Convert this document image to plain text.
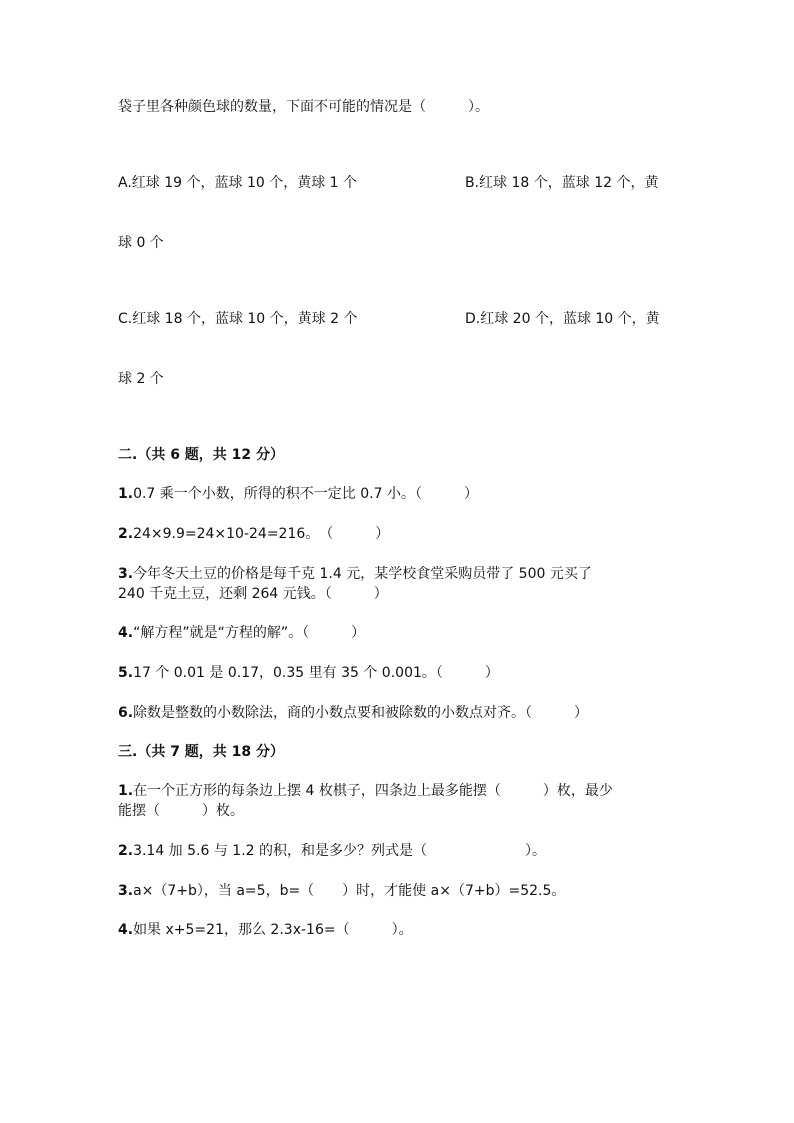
袋子里各种颜色球的数量，下面不可能的情况是（　　　）。
A.红球 19 个，蓝球 10 个，黄球 1 个	B.红球 18 个，蓝球 12 个，黄
球 0 个
C.红球 18 个，蓝球 10 个，黄球 2 个	D.红球 20 个，蓝球 10 个，黄
球 2 个
二.（共 6 题，共 12 分）
1.0.7 乘一个小数，所得的积不一定比 0.7 小。（　　　）
2.24×9.9=24×10-24=216。　（　　　）
3.今年冬天土豆的价格是每千克 1.4 元，某学校食堂采购员带了 500 元买了
240 千克土豆，还剩 264 元钱。（　　　）
4.“解方程”就是“方程的解”。（　　　）
5.17 个 0.01 是 0.17，0.35 里有 35 个 0.001。（　　　）
6.除数是整数的小数除法，商的小数点要和被除数的小数点对齐。（　　　）
三.（共 7 题，共 18 分）
1.在一个正方形的每条边上摆 4 枚棋子，四条边上最多能摆（　　　）枚，最少
能摆（　　　）枚。
2.3.14 加 5.6 与 1.2 的积，和是多少？列式是（　　　　　　　）。
3.a×（7+b），当 a=5，b=（　　）时，才能使 a×（7+b）=52.5。
4.如果 x+5=21，那么 2.3x-16=（　　　）。
